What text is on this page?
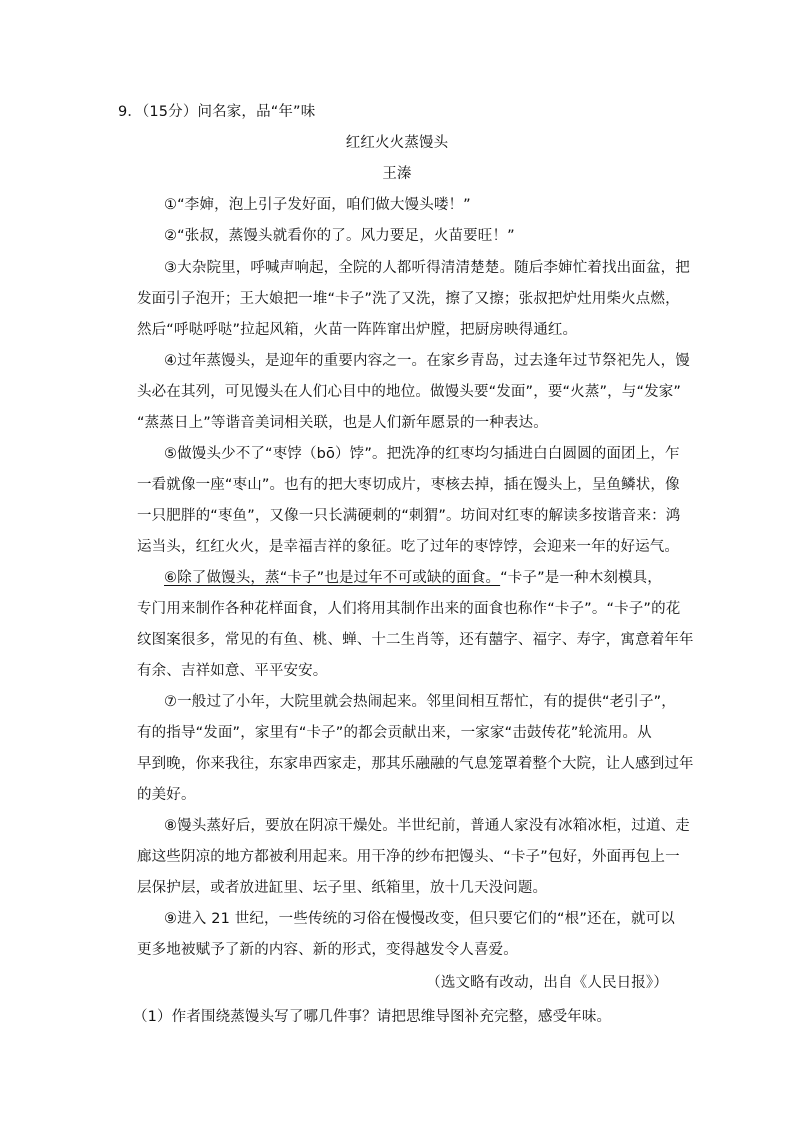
9．（15分）问名家，品“年”味
红红火火蒸馒头
王溱
①“李婶，泡上引子发好面，咱们做大馒头喽！”
②“张叔，蒸馒头就看你的了。风力要足，火苗要旺！”
③大杂院里，呼喊声响起，全院的人都听得清清楚楚。随后李婶忙着找出面盆，把
发面引子泡开；王大娘把一堆“卡子”洗了又洗，擦了又擦；张叔把炉灶用柴火点燃，
然后“呼哒呼哒”拉起风箱，火苗一阵阵窜出炉膛，把厨房映得通红。
④过年蒸馒头，是迎年的重要内容之一。在家乡青岛，过去逢年过节祭祀先人，馒
头必在其列，可见馒头在人们心目中的地位。做馒头要“发面”，要“火蒸”，与“发家”
“蒸蒸日上”等谐音美词相关联，也是人们新年愿景的一种表达。
⑤做馒头少不了“枣饽（bō）饽”。把洗净的红枣均匀插进白白圆圆的面团上，乍
一看就像一座“枣山”。也有的把大枣切成片，枣核去掉，插在馒头上，呈鱼鳞状，像
一只肥胖的“枣鱼”，又像一只长满硬刺的“刺猬”。坊间对红枣的解读多按谐音来：鸿
运当头，红红火火，是幸福吉祥的象征。吃了过年的枣饽饽，会迎来一年的好运气。
⑥除了做馒头，蒸“卡子”也是过年不可或缺的面食。“卡子”是一种木刻模具，
专门用来制作各种花样面食，人们将用其制作出来的面食也称作“卡子”。“卡子”的花
纹图案很多，常见的有鱼、桃、蝉、十二生肖等，还有囍字、福字、寿字，寓意着年年
有余、吉祥如意、平平安安。
⑦一般过了小年，大院里就会热闹起来。邻里间相互帮忙，有的提供“老引子”，
有的指导“发面”，家里有“卡子”的都会贡献出来，一家家“击鼓传花”轮流用。从
早到晚，你来我往，东家串西家走，那其乐融融的气息笼罩着整个大院，让人感到过年
的美好。
⑧馒头蒸好后，要放在阴凉干燥处。半世纪前，普通人家没有冰箱冰柜，过道、走
廊这些阴凉的地方都被利用起来。用干净的纱布把馒头、“卡子”包好，外面再包上一
层保护层，或者放进缸里、坛子里、纸箱里，放十几天没问题。
⑨进入 21 世纪，一些传统的习俗在慢慢改变，但只要它们的“根”还在，就可以
更多地被赋予了新的内容、新的形式，变得越发令人喜爱。
（选文略有改动，出自《人民日报》）
（1）作者围绕蒸馒头写了哪几件事？请把思维导图补充完整，感受年味。
